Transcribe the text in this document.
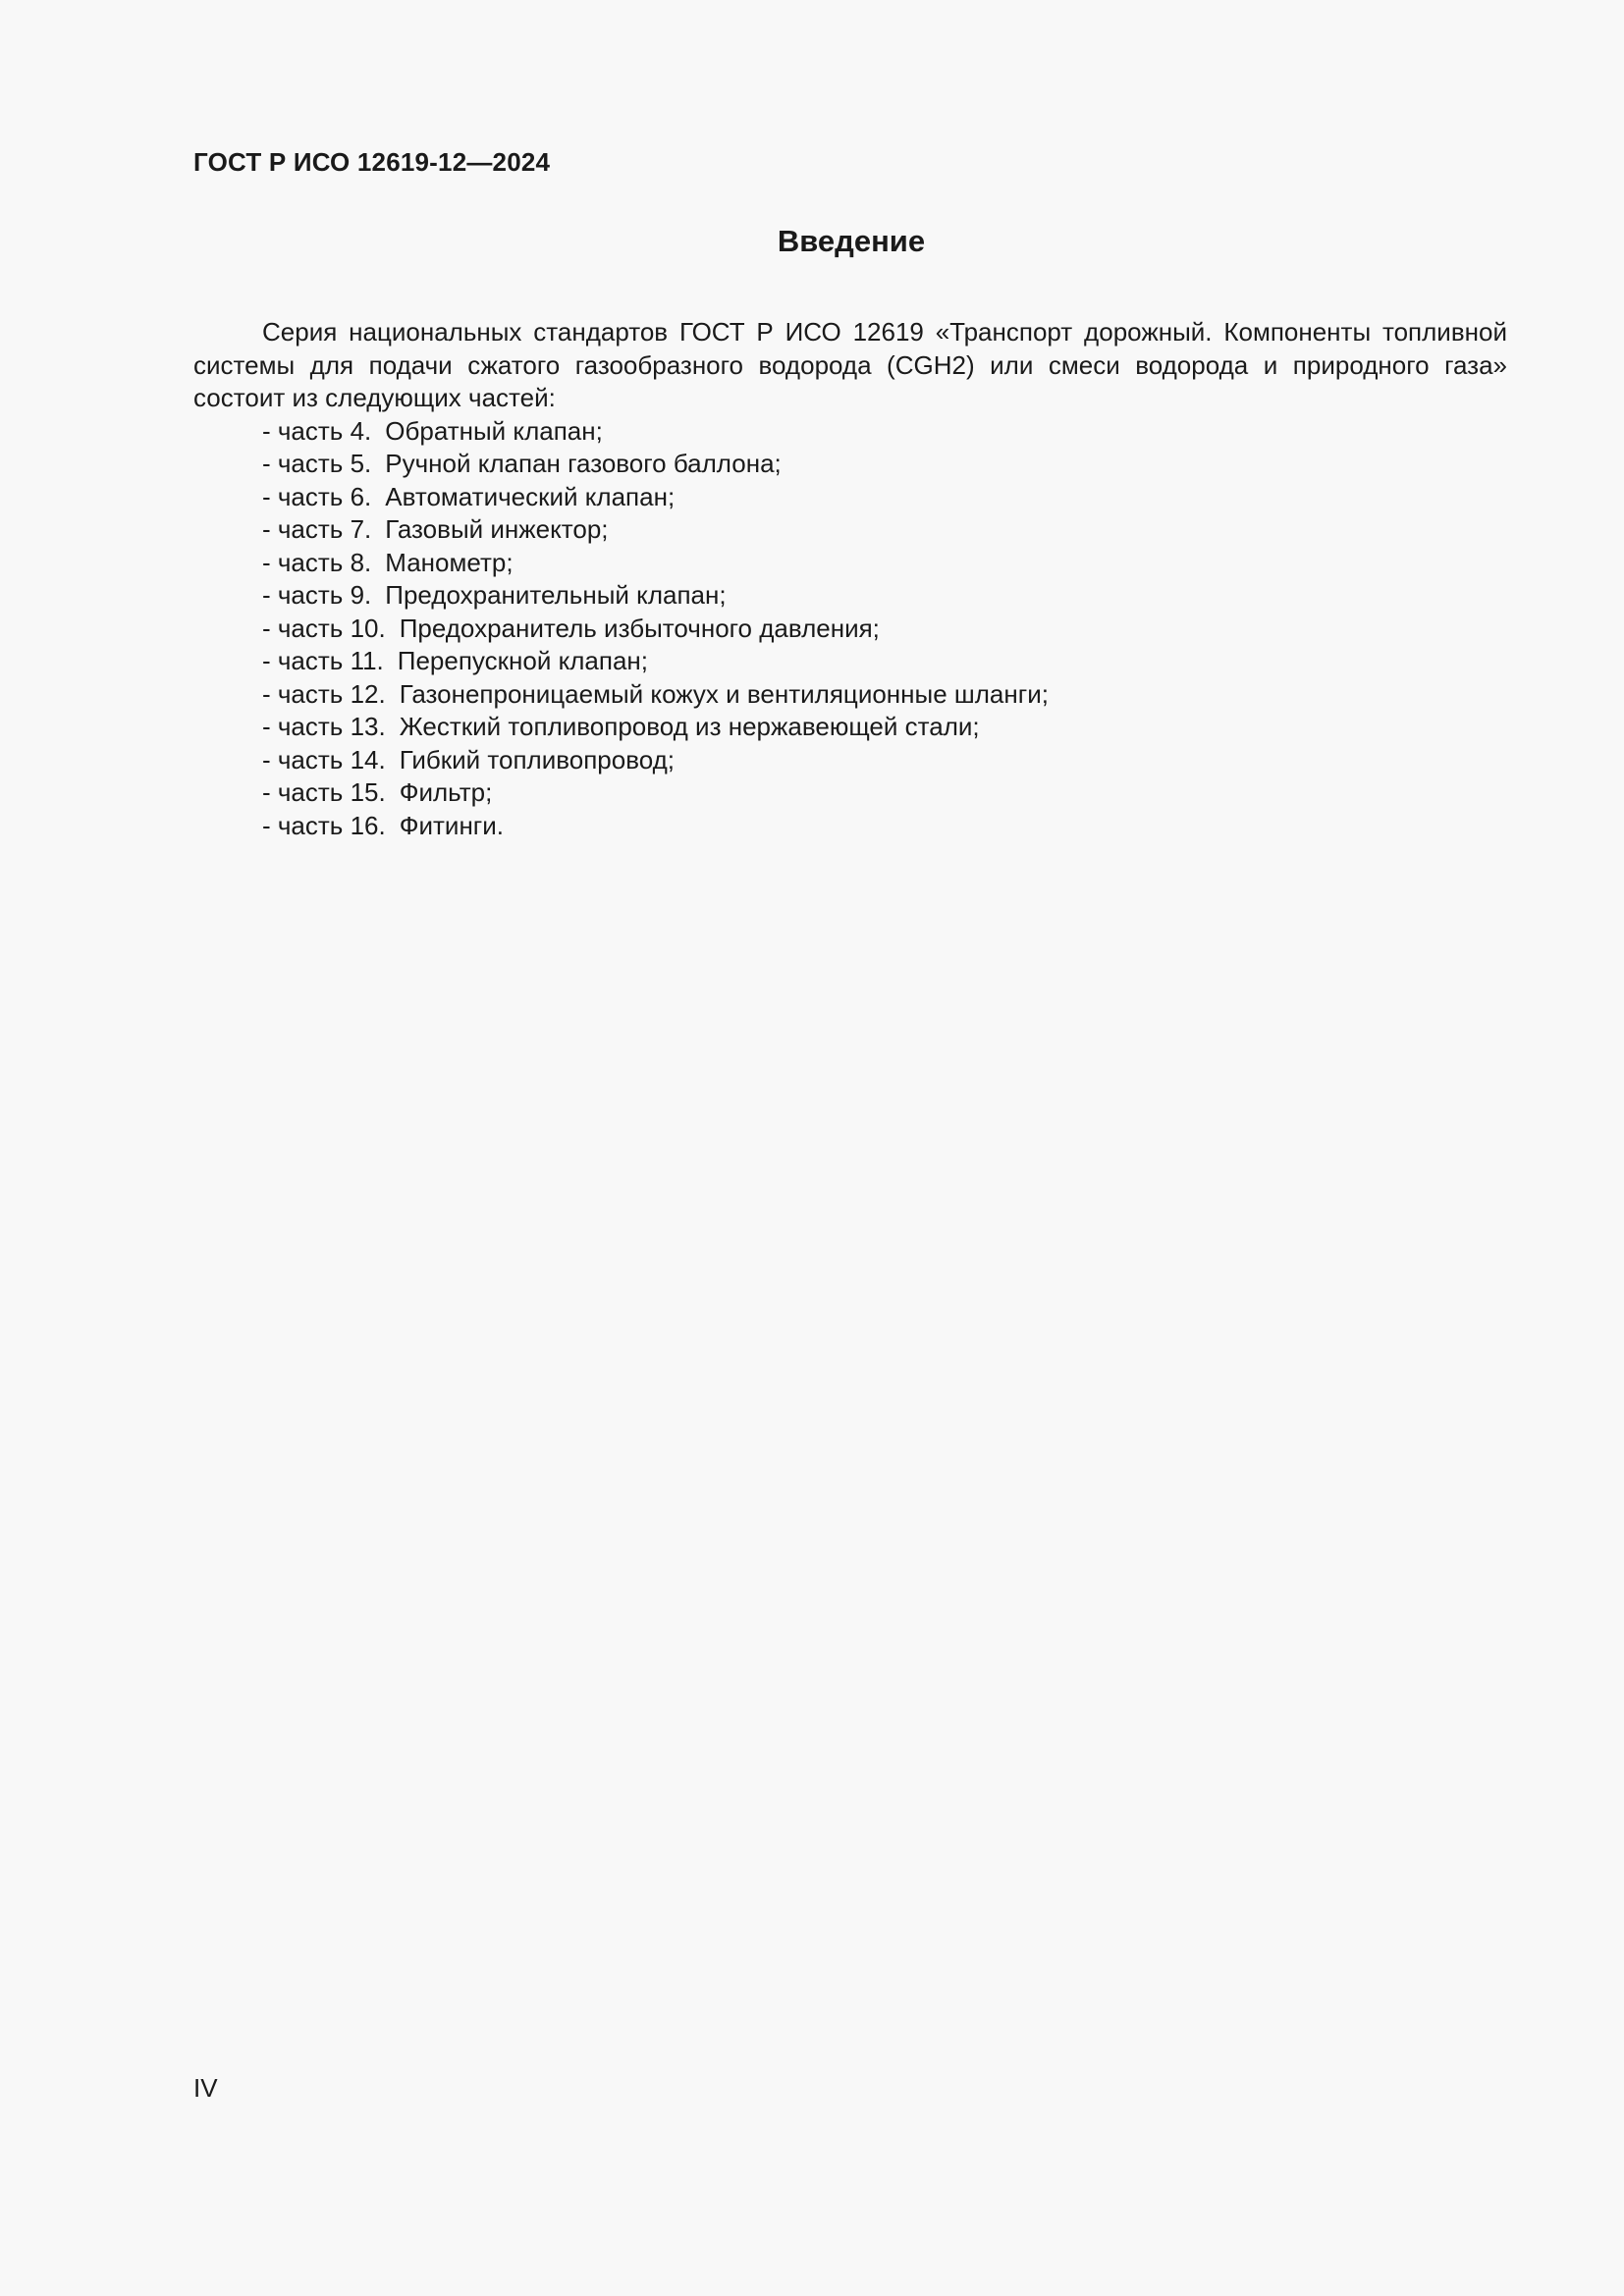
ГОСТ Р ИСО 12619-12—2024

Введение

Серия национальных стандартов ГОСТ Р ИСО 12619 «Транспорт дорожный. Компоненты топливной системы для подачи сжатого газообразного водорода (CGH2) или смеси водорода и природного газа» состоит из следующих частей:

- часть 4. Обратный клапан;
- часть 5. Ручной клапан газового баллона;
- часть 6. Автоматический клапан;
- часть 7. Газовый инжектор;
- часть 8. Манометр;
- часть 9. Предохранительный клапан;
- часть 10. Предохранитель избыточного давления;
- часть 11. Перепускной клапан;
- часть 12. Газонепроницаемый кожух и вентиляционные шланги;
- часть 13. Жесткий топливопровод из нержавеющей стали;
- часть 14. Гибкий топливопровод;
- часть 15. Фильтр;
- часть 16. Фитинги.

IV
